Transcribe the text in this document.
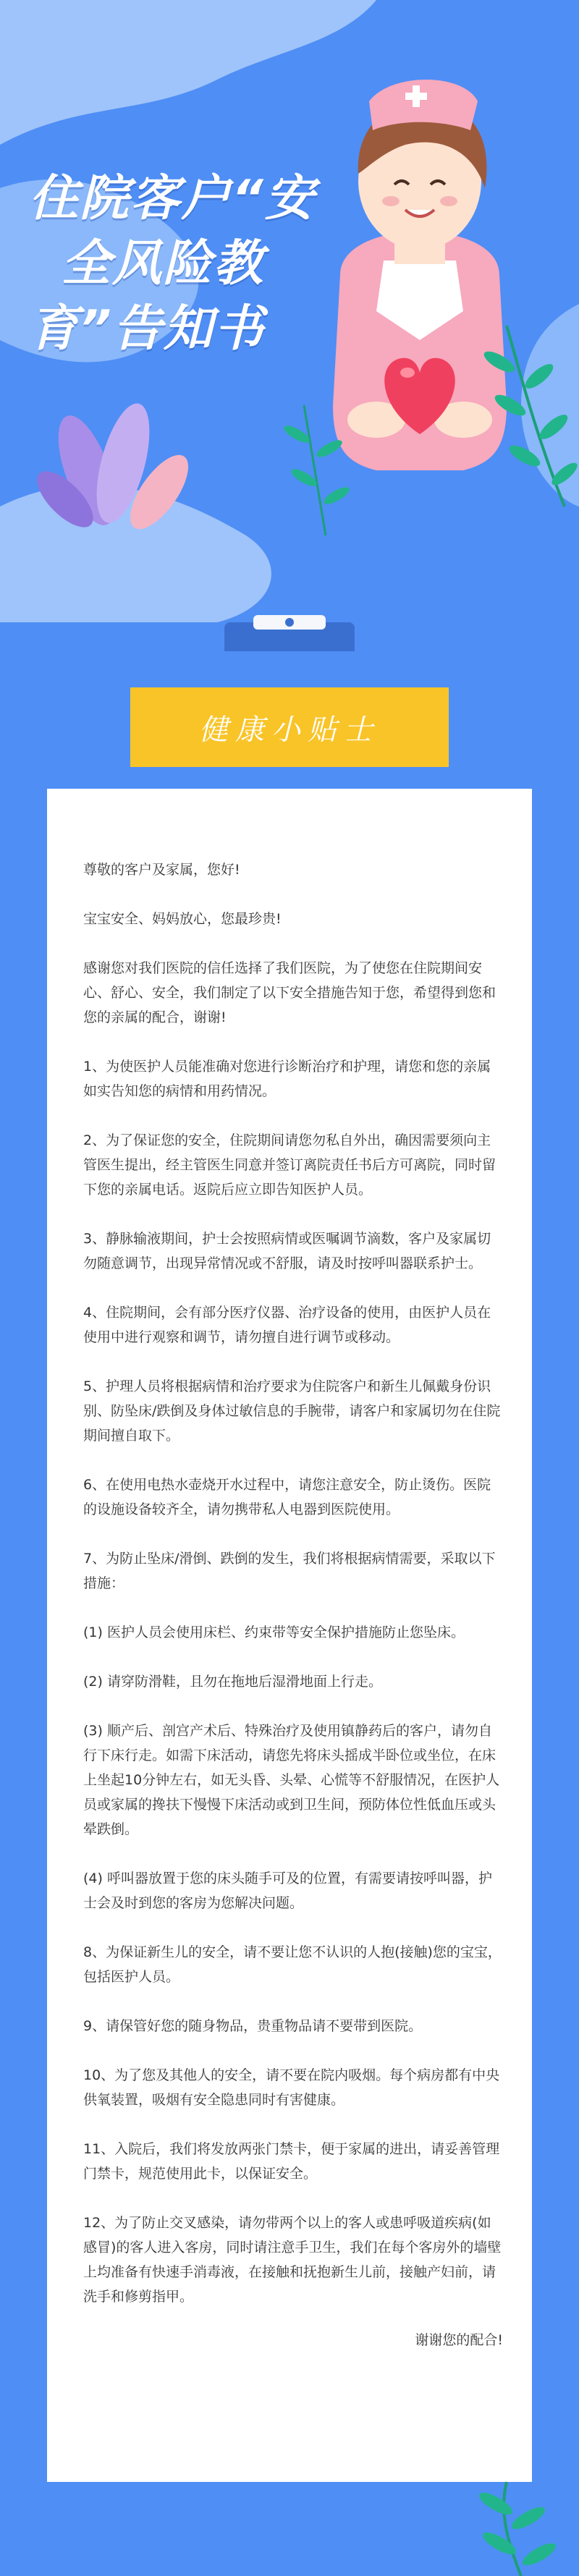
住院客户“安
全风险教
育”告知书
健康小贴士

尊敬的客户及家属，您好!

宝宝安全、妈妈放心，您最珍贵!

感谢您对我们医院的信任选择了我们医院，为了使您在住院期间安心、舒心、安全，我们制定了以下安全措施告知于您，希望得到您和您的亲属的配合，谢谢!

1、为使医护人员能准确对您进行诊断治疗和护理，请您和您的亲属如实告知您的病情和用药情况。

2、为了保证您的安全，住院期间请您勿私自外出，确因需要须向主管医生提出，经主管医生同意并签订离院责任书后方可离院，同时留下您的亲属电话。返院后应立即告知医护人员。

3、静脉输液期间，护士会按照病情或医嘱调节滴数，客户及家属切勿随意调节，出现异常情况或不舒服，请及时按呼叫器联系护士。

4、住院期间，会有部分医疗仪器、治疗设备的使用，由医护人员在使用中进行观察和调节，请勿擅自进行调节或移动。

5、护理人员将根据病情和治疗要求为住院客户和新生儿佩戴身份识别、防坠床/跌倒及身体过敏信息的手腕带，请客户和家属切勿在住院期间擅自取下。

6、在使用电热水壶烧开水过程中，请您注意安全，防止烫伤。医院的设施设备较齐全，请勿携带私人电器到医院使用。

7、为防止坠床/滑倒、跌倒的发生，我们将根据病情需要，采取以下措施：

(1) 医护人员会使用床栏、约束带等安全保护措施防止您坠床。

(2) 请穿防滑鞋，且勿在拖地后湿滑地面上行走。

(3) 顺产后、剖宫产术后、特殊治疗及使用镇静药后的客户，请勿自行下床行走。如需下床活动，请您先将床头摇成半卧位或坐位，在床上坐起10分钟左右，如无头昏、头晕、心慌等不舒服情况，在医护人员或家属的搀扶下慢慢下床活动或到卫生间，预防体位性低血压或头晕跌倒。

(4) 呼叫器放置于您的床头随手可及的位置，有需要请按呼叫器，护士会及时到您的客房为您解决问题。

8、为保证新生儿的安全，请不要让您不认识的人抱(接触)您的宝宝，包括医护人员。

9、请保管好您的随身物品，贵重物品请不要带到医院。

10、为了您及其他人的安全，请不要在院内吸烟。每个病房都有中央供氧装置，吸烟有安全隐患同时有害健康。

11、入院后，我们将发放两张门禁卡，便于家属的进出，请妥善管理门禁卡，规范使用此卡，以保证安全。

12、为了防止交叉感染，请勿带两个以上的客人或患呼吸道疾病(如感冒)的客人进入客房，同时请注意手卫生，我们在每个客房外的墙壁上均准备有快速手消毒液，在接触和抚抱新生儿前，接触产妇前，请洗手和修剪指甲。

谢谢您的配合!
